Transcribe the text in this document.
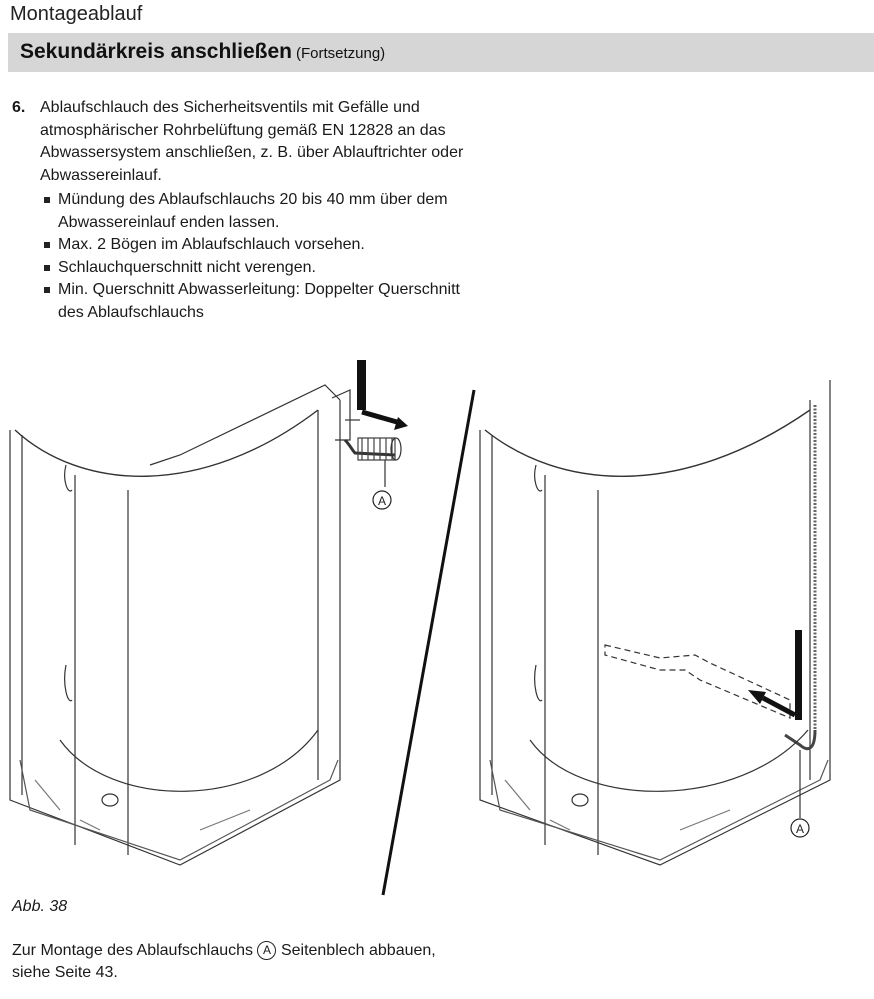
Montageablauf
Sekundärkreis anschließen (Fortsetzung)
6. Ablaufschlauch des Sicherheitsventils mit Gefälle und atmosphärischer Rohrbelüftung gemäß EN 12828 an das Abwassersystem anschließen, z. B. über Ablauftrichter oder Abwassereinlauf.
Mündung des Ablaufschlauchs 20 bis 40 mm über dem Abwassereinlauf enden lassen.
Max. 2 Bögen im Ablaufschlauch vorsehen.
Schlauchquerschnitt nicht verengen.
Min. Querschnitt Abwasserleitung: Doppelter Querschnitt des Ablaufschlauchs
A
A
Abb. 38
Zur Montage des Ablaufschlauchs A Seitenblech abbauen, siehe Seite 43.
